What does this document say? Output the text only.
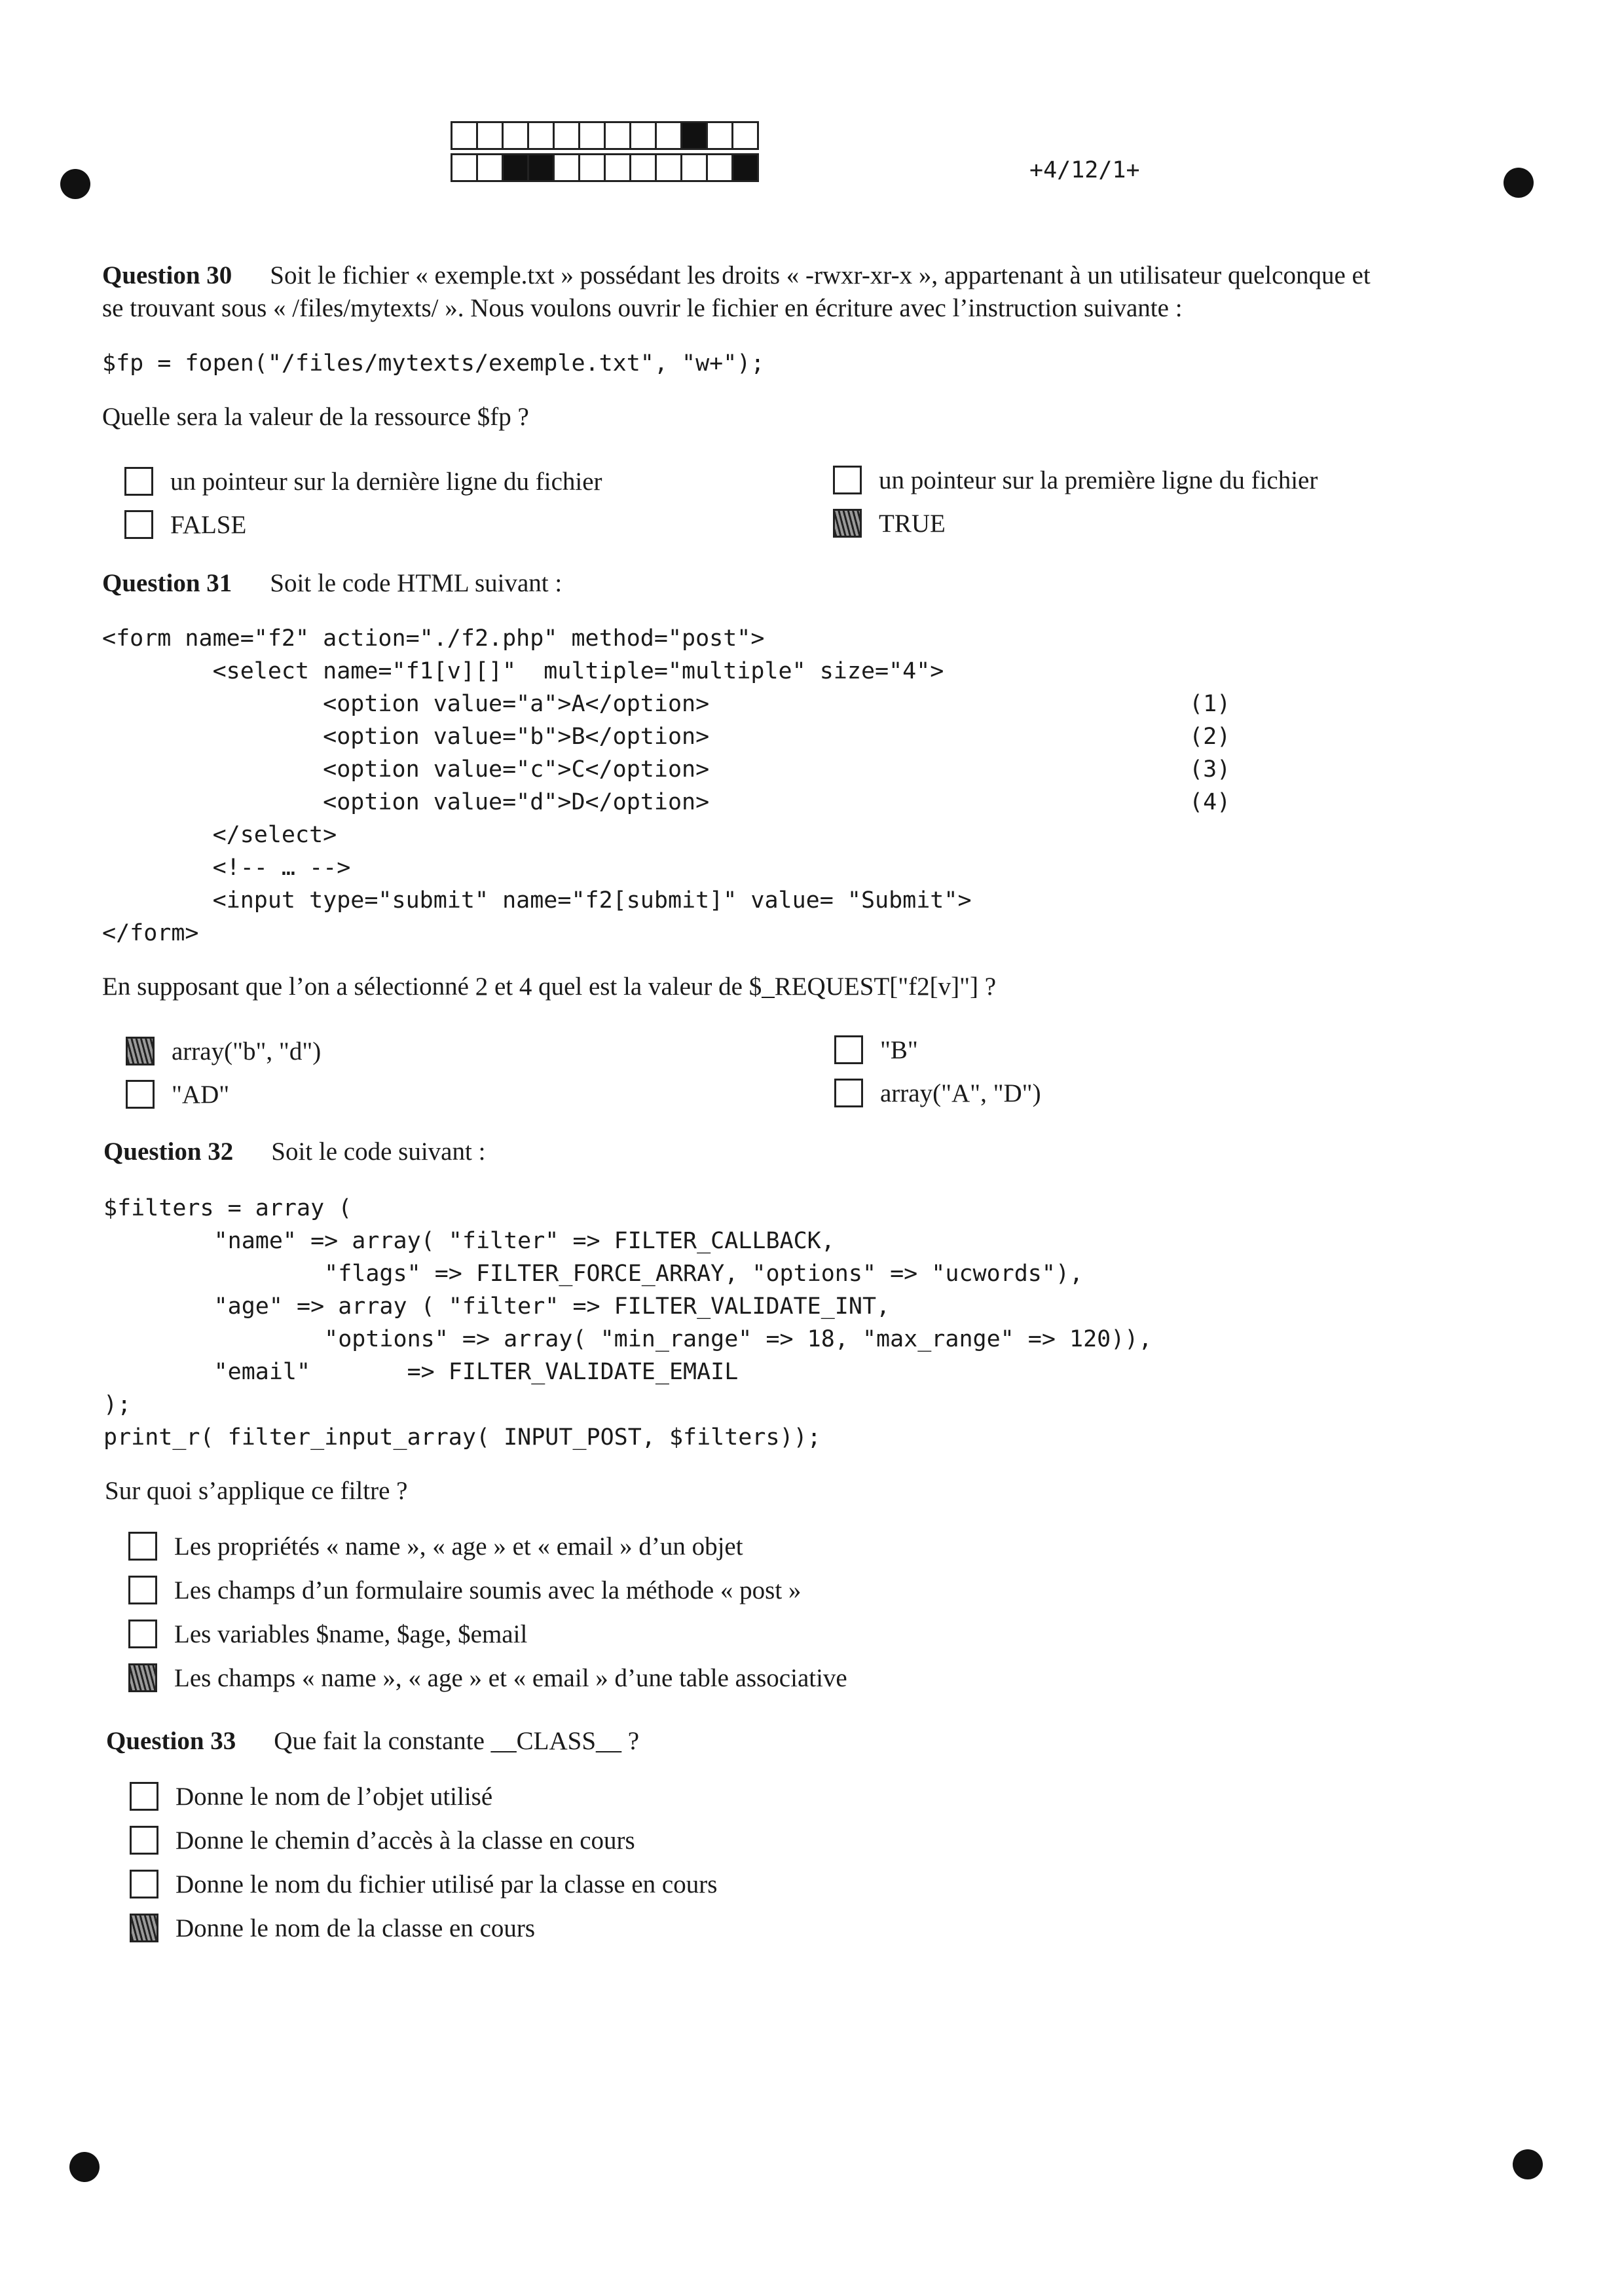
+4/12/1+
Question 30 Soit le fichier « exemple.txt » possédant les droits « -rwxr-xr-x », appartenant à un utilisateur quelconque et
se trouvant sous « /files/mytexts/ ». Nous voulons ouvrir le fichier en écriture avec l’instruction suivante :
$fp = fopen("/files/mytexts/exemple.txt", "w+");
Quelle sera la valeur de la ressource $fp ?
un pointeur sur la dernière ligne du fichier	un pointeur sur la première ligne du fichier
FALSE	TRUE
Question 31 Soit le code HTML suivant :
<form name="f2" action="./f2.php" method="post">
<select name="f1[v][]"  multiple="multiple" size="4">
<option value="a">A</option>
<option value="b">B</option>
<option value="c">C</option>
<option value="d">D</option>
</select>
<!-- … -->
<input type="submit" name="f2[submit]" value= "Submit">
</form>
(1)
(2)
(3)
(4)
En supposant que l’on a sélectionné 2 et 4 quel est la valeur de $_REQUEST["f2[v]"] ?
array("b", "d")	"B"
"AD"	array("A", "D")
Question 32 Soit le code suivant :
$filters = array (
"name" => array( "filter" => FILTER_CALLBACK,
"flags" => FILTER_FORCE_ARRAY, "options" => "ucwords"),
"age" => array ( "filter" => FILTER_VALIDATE_INT,
"options" => array( "min_range" => 18, "max_range" => 120)),
"email"       => FILTER_VALIDATE_EMAIL
);
print_r( filter_input_array( INPUT_POST, $filters));
Sur quoi s’applique ce filtre ?
Les propriétés « name », « age » et « email » d’un objet
Les champs d’un formulaire soumis avec la méthode « post »
Les variables $name, $age, $email
Les champs « name », « age » et « email » d’une table associative
Question 33 Que fait la constante __CLASS__ ?
Donne le nom de l’objet utilisé
Donne le chemin d’accès à la classe en cours
Donne le nom du fichier utilisé par la classe en cours
Donne le nom de la classe en cours
